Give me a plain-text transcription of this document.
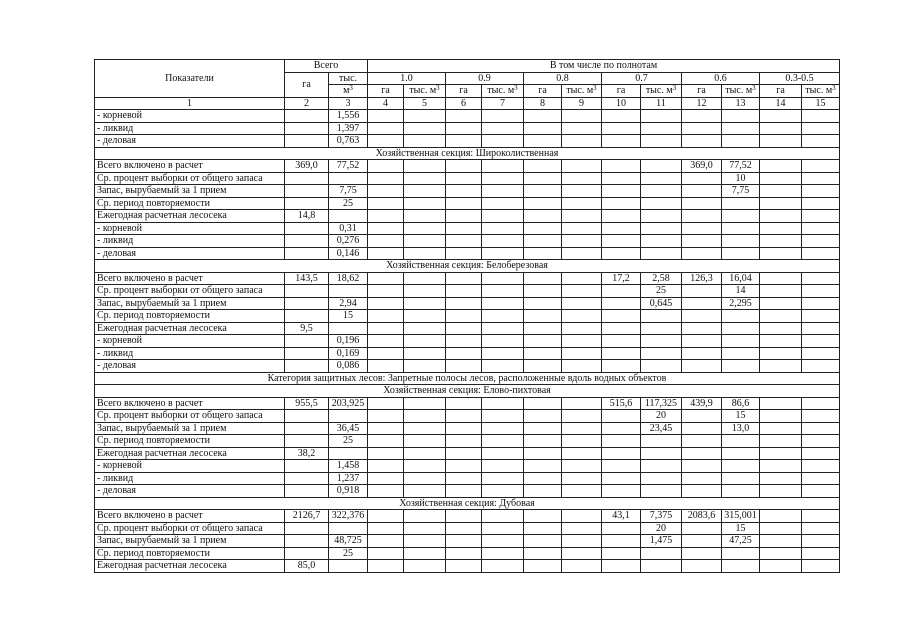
Показатели	Всего		В том числе по полнотам											
	га	тыс.	1.0		0.9		0.8		0.7		0.6		0.3-0.5	
		$м^3$	га	тыс. $м^3$	га	тыс. $м^3$	га	тыс. $м^3$	га	тыс. $м^3$	га	тыс. $м^3$	га	тыс. $м^3$
1	2	3	4	5	6	7	8	9	10	11	12	13	14	15
- корневой		1,556												
- ликвид		1,397												
- деловая		0,763												
Хозяйственная секция: Широколиственная														
Всего включено в расчет	369,0	77,52									369,0	77,52		
Ср. процент выборки от общего запаса												10		
Запас, вырубаемый за 1 прием		7,75										7,75		
Ср. период повторяемости		25												
Ежегодная расчетная лесосека	14,8													
- корневой		0,31												
- ликвид		0,276												
- деловая		0,146												
Хозяйственная секция: Белоберезовая														
Всего включено в расчет	143,5	18,62							17,2	2,58	126,3	16,04		
Ср. процент выборки от общего запаса										25		14		
Запас, вырубаемый за 1 прием		2,94								0,645		2,295		
Ср. период повторяемости		15												
Ежегодная расчетная лесосека	9,5													
- корневой		0,196												
- ликвид		0,169												
- деловая		0,086												
Категория защитных лесов: Запретные полосы лесов, расположенные вдоль водных объектов														
Хозяйственная секция: Елово-пихтовая														
Всего включено в расчет	955,5	203,925							515,6	117,325	439,9	86,6		
Ср. процент выборки от общего запаса										20		15		
Запас, вырубаемый за 1 прием		36,45								23,45		13,0		
Ср. период повторяемости		25												
Ежегодная расчетная лесосека	38,2													
- корневой		1,458												
- ликвид		1,237												
- деловая		0,918												
Хозяйственная секция: Дубовая														
Всего включено в расчет	2126,7	322,376							43,1	7,375	2083,6	315,001		
Ср. процент выборки от общего запаса										20		15		
Запас, вырубаемый за 1 прием		48,725								1,475		47,25		
Ср. период повторяемости		25												
Ежегодная расчетная лесосека	85,0													
